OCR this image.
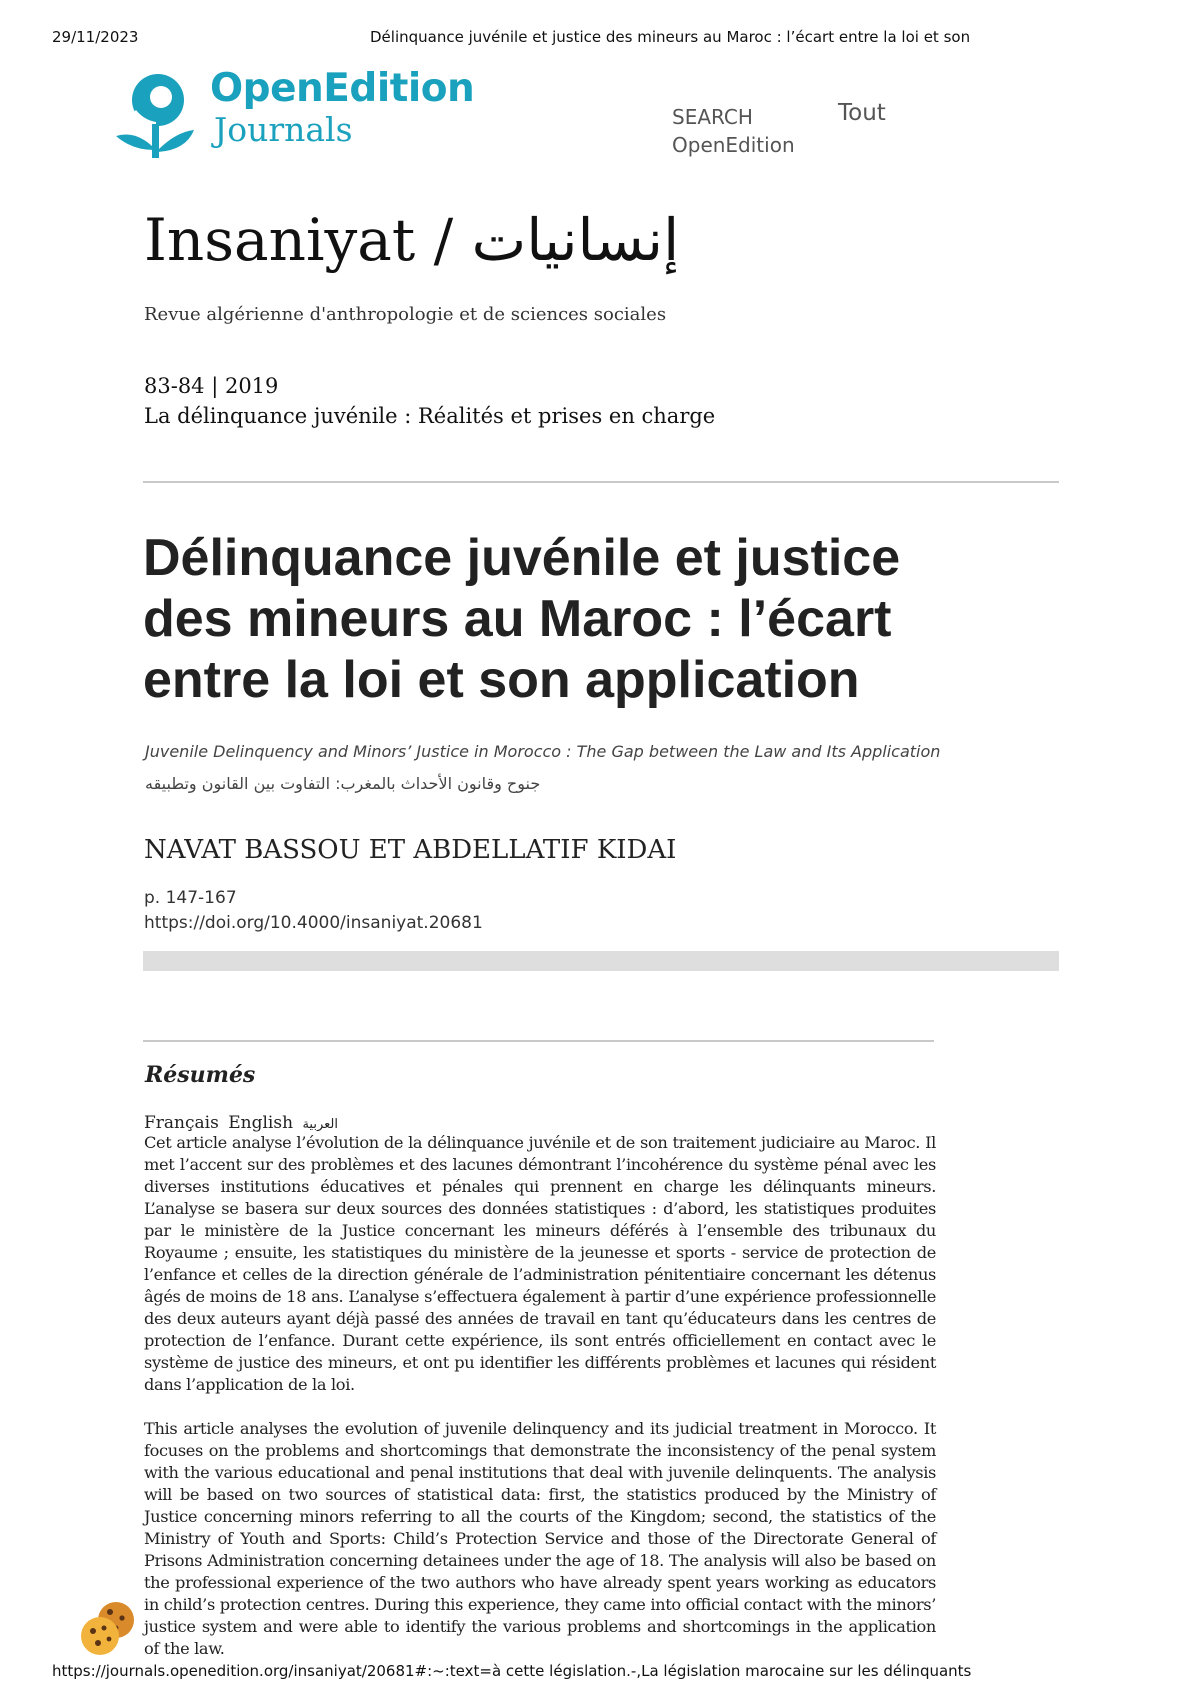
29/11/2023	Délinquance juvénile et justice des mineurs au Maroc : l’écart entre la loi et son
OpenEdition
Journals	SEARCH OpenEdition
Tout
Insaniyat / إنسانيات
Revue algérienne d'anthropologie et de sciences sociales
83-84 | 2019
La délinquance juvénile : Réalités et prises en charge
Délinquance juvénile et justice
des mineurs au Maroc : l’écart
entre la loi et son application
Juvenile Delinquency and Minors’ Justice in Morocco : The Gap between the Law and Its Application
جنوح وقانون الأحداث بالمغرب: التفاوت بين القانون وتطبيقه
NAVAT BASSOU ET ABDELLATIF KIDAI
p. 147-167
https://doi.org/10.4000/insaniyat.20681
Résumés
Français English العربية

Cet article analyse l’évolution de la délinquance juvénile et de son traitement judiciaire au Maroc. Il met l’accent sur des problèmes et des lacunes démontrant l’incohérence du système pénal avec les diverses institutions éducatives et pénales qui prennent en charge les délinquants mineurs. L’analyse se basera sur deux sources des données statistiques : d’abord, les statistiques produites par le ministère de la Justice concernant les mineurs déférés à l’ensemble des tribunaux du Royaume ; ensuite, les statistiques du ministère de la jeunesse et sports - service de protection de l’enfance et celles de la direction générale de l’administration pénitentiaire concernant les détenus âgés de moins de 18 ans. L’analyse s’effectuera également à partir d’une expérience professionnelle des deux auteurs ayant déjà passé des années de travail en tant qu’éducateurs dans les centres de protection de l’enfance. Durant cette expérience, ils sont entrés officiellement en contact avec le système de justice des mineurs, et ont pu identifier les différents problèmes et lacunes qui résident dans l’application de la loi.

This article analyses the evolution of juvenile delinquency and its judicial treatment in Morocco. It focuses on the problems and shortcomings that demonstrate the inconsistency of the penal system with the various educational and penal institutions that deal with juvenile delinquents. The analysis will be based on two sources of statistical data: first, the statistics produced by the Ministry of Justice concerning minors referring to all the courts of the Kingdom; second, the statistics of the Ministry of Youth and Sports: Child’s Protection Service and those of the Directorate General of Prisons Administration concerning detainees under the age of 18. The analysis will also be based on the professional experience of the two authors who have already spent years working as educators in child’s protection centres. During this experience, they came into official contact with the minors’ justice system and were able to identify the various problems and shortcomings in the application of the law.

https://journals.openedition.org/insaniyat/20681#:~:text=à cette législation.-,La législation marocaine sur les délinquants
